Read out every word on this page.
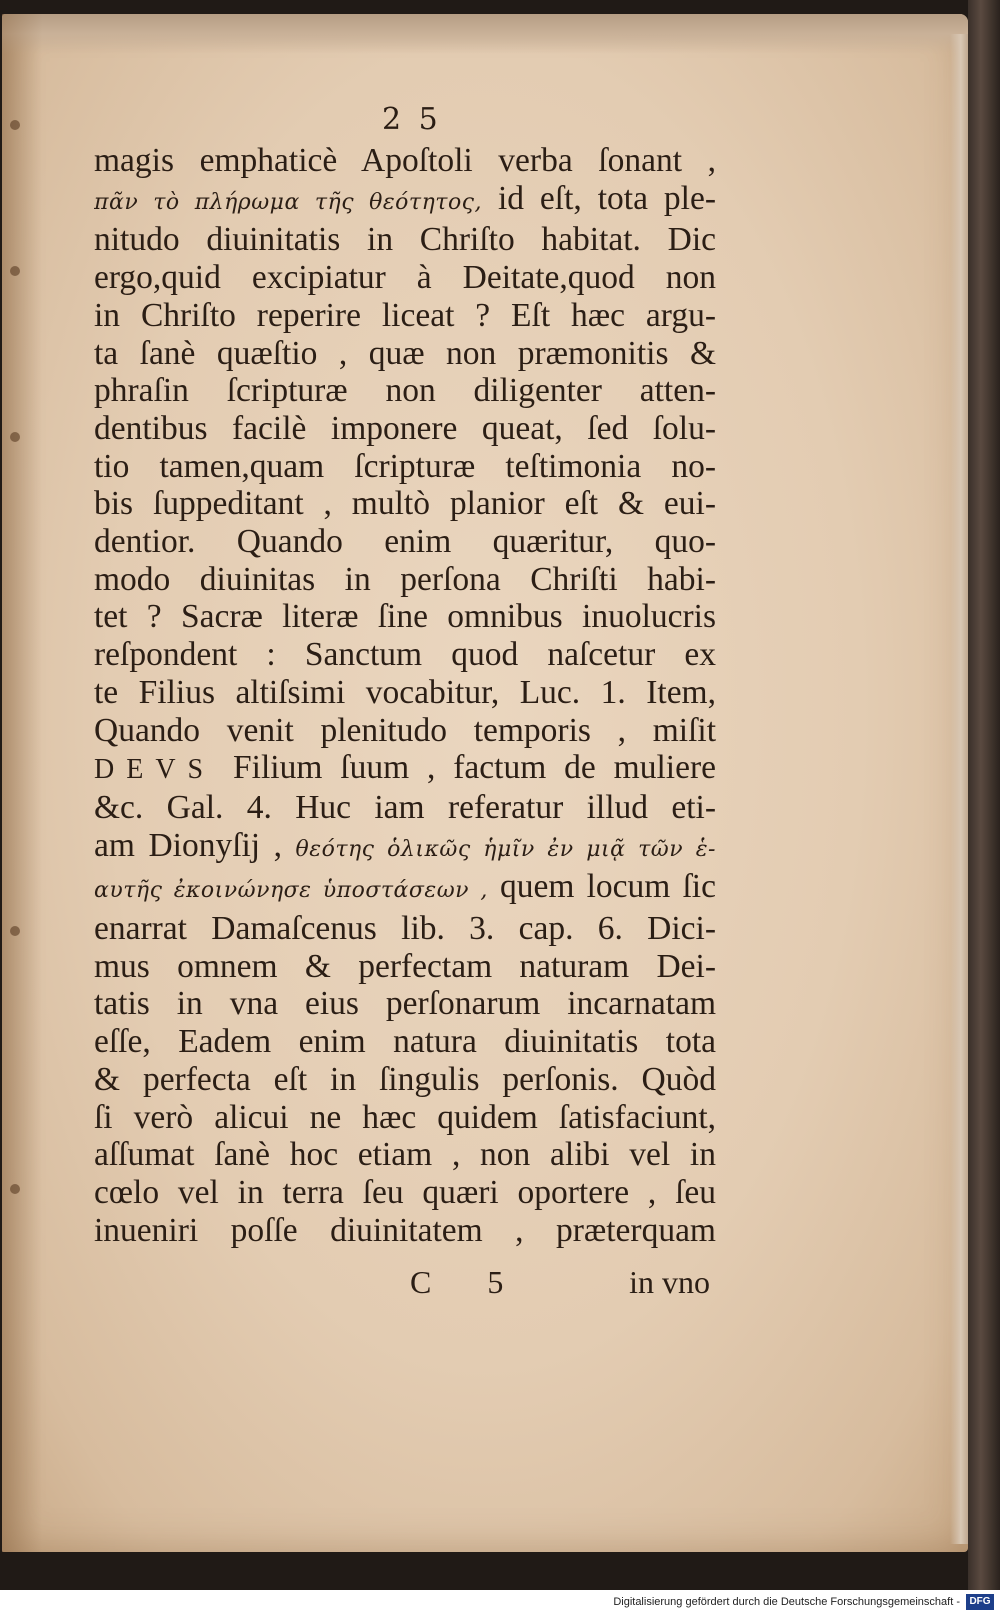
2 5
magis emphaticè Apoſtoli verba ſonant ,
πᾶν τὸ πλήρωμα τῆς θεότητος, id eſt, tota ple-
nitudo diuinitatis in Chriſto habitat. Dic
ergo,quid excipiatur à Deitate,quod non
in Chriſto reperire liceat ? Eſt hæc argu-
ta ſanè quæſtio , quæ non præmonitis &
phraſin ſcripturæ non diligenter atten-
dentibus facilè imponere queat, ſed ſolu-
tio tamen,quam ſcripturæ teſtimonia no-
bis ſuppeditant , multò planior eſt & eui-
dentior. Quando enim quæritur, quo-
modo diuinitas in perſona Chriſti habi-
tet ? Sacræ literæ ſine omnibus inuolucris
reſpondent : Sanctum quod naſcetur ex
te Filius altiſsimi vocabitur, Luc. 1. Item,
Quando venit plenitudo temporis , miſit
DEVS Filium ſuum , factum de muliere
&c. Gal. 4. Huc iam referatur illud eti-
am Dionyſij , θεότης ὁλικῶς ἡμῖν ἐν μιᾷ τῶν ἑ-
αυτῆς ἐκοινώνησε ὑποστάσεων , quem locum ſic
enarrat Damaſcenus lib. 3. cap. 6. Dici-
mus omnem & perfectam naturam Dei-
tatis in vna eius perſonarum incarnatam
eſſe, Eadem enim natura diuinitatis tota
& perfecta eſt in ſingulis perſonis. Quòd
ſi verò alicui ne hæc quidem ſatisfaciunt,
aſſumat ſanè hoc etiam , non alibi vel in
cœlo vel in terra ſeu quæri oportere , ſeu
inueniri poſſe diuinitatem , præterquam
C 5	in vno
Digitalisierung gefördert durch die Deutsche Forschungsgemeinschaft - DFG
